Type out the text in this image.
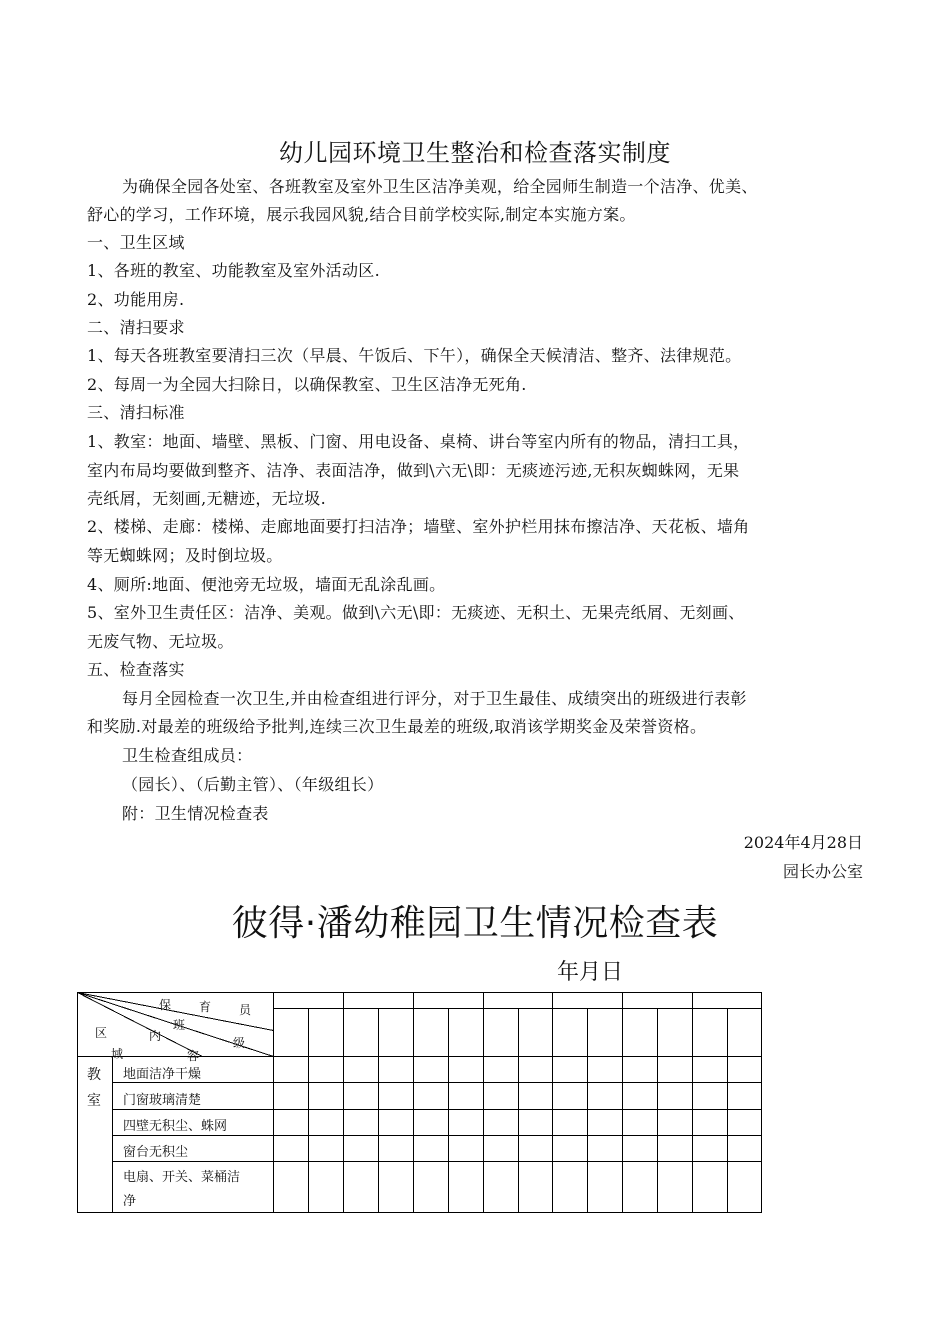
幼儿园环境卫生整治和检查落实制度
为确保全园各处室、各班教室及室外卫生区洁净美观，给全园师生制造一个洁净、优美、
舒心的学习，工作环境，展示我园风貌,结合目前学校实际,制定本实施方案。
一、卫生区域
1、各班的教室、功能教室及室外活动区.
2、功能用房.
二、清扫要求
1、每天各班教室要清扫三次（早晨、午饭后、下午），确保全天候清洁、整齐、法律规范。
2、每周一为全园大扫除日，以确保教室、卫生区洁净无死角.
三、清扫标准
1、教室：地面、墙壁、黑板、门窗、用电设备、桌椅、讲台等室内所有的物品，清扫工具，
室内布局均要做到整齐、洁净、表面洁净，做到\六无\即：无痰迹污迹,无积灰蜘蛛网，无果
壳纸屑，无刻画,无糖迹，无垃圾.
2、楼梯、走廊：楼梯、走廊地面要打扫洁净；墙壁、室外护栏用抹布擦洁净、天花板、墙角
等无蜘蛛网；及时倒垃圾。
4、厕所:地面、便池旁无垃圾，墙面无乱涂乱画。
5、室外卫生责任区：洁净、美观。做到\六无\即：无痰迹、无积土、无果壳纸屑、无刻画、
无废气物、无垃圾。
五、检查落实
每月全园检查一次卫生,并由检查组进行评分，对于卫生最佳、成绩突出的班级进行表彰
和奖励.对最差的班级给予批判,连续三次卫生最差的班级,取消该学期奖金及荣誉资格。
卫生检查组成员：
（园长）、（后勤主管）、（年级组长）
附：卫生情况检查表
2024年4月28日
园长办公室
彼得·潘幼稚园卫生情况检查表
年月日
保 育 员
班
级
区	内
域	容
教室
地面洁净干燥
门窗玻璃清楚
四壁无积尘、蛛网
窗台无积尘
电扇、开关、菜桶洁
净
